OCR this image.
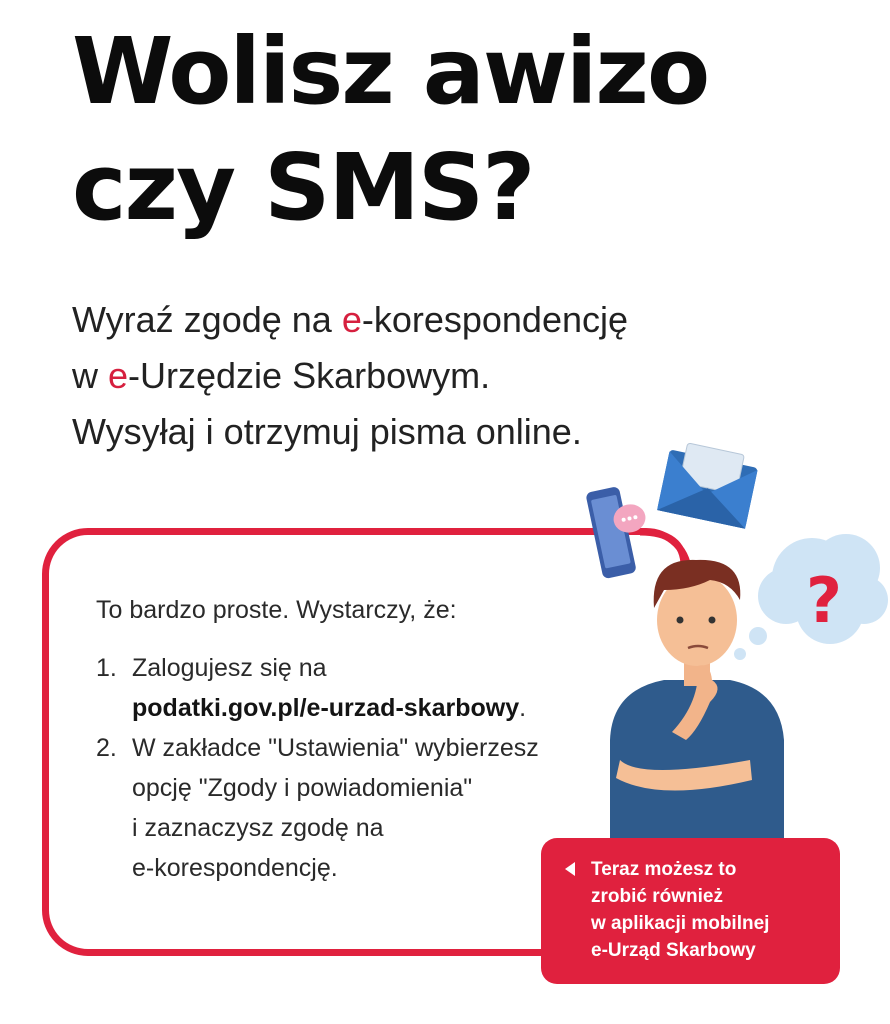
Wolisz awizo
czy SMS?

Wyraź zgodę na e-korespondencję
w e-Urzędzie Skarbowym.
Wysyłaj i otrzymuj pisma online.

To bardzo proste. Wystarczy, że:

1. Zalogujesz się na
podatki.gov.pl/e-urzad-skarbowy.
2. W zakładce "Ustawienia" wybierzesz
opcję "Zgody i powiadomienia"
i zaznaczysz zgodę na
e-korespondencję.
?
Teraz możesz to
zrobić również
w aplikacji mobilnej
e-Urząd Skarbowy
